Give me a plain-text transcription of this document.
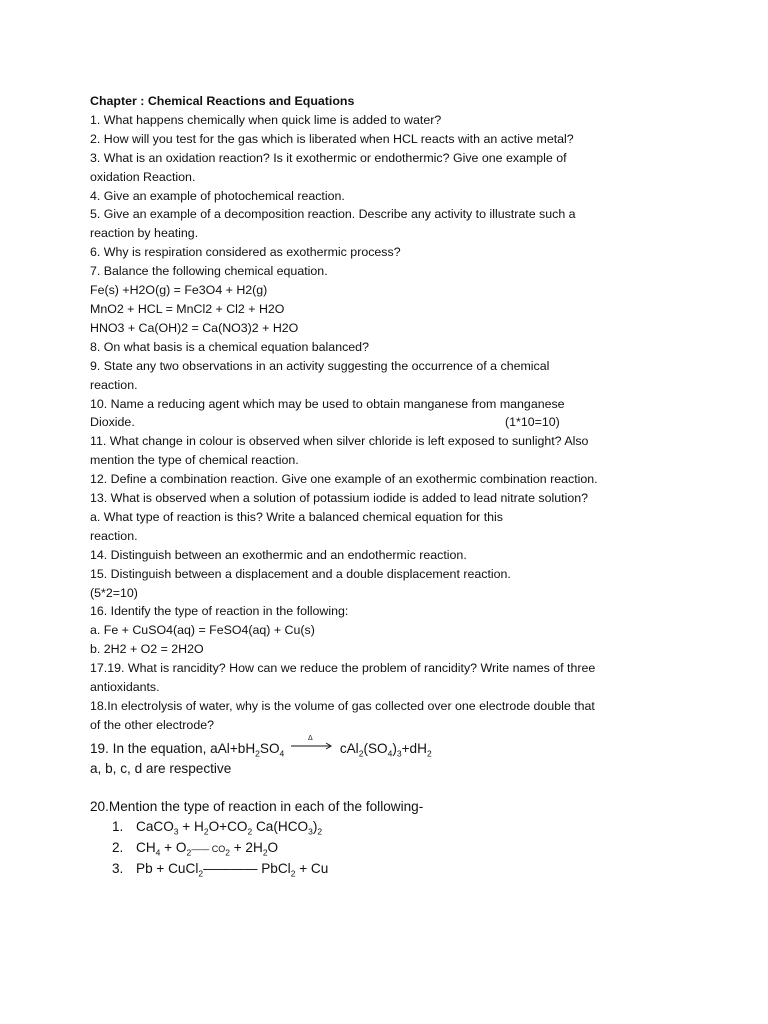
Chapter : Chemical Reactions and Equations
1. What happens chemically when quick lime is added to water?
2. How will you test for the gas which is liberated when HCL reacts with an active metal?
3. What is an oxidation reaction? Is it exothermic or endothermic? Give one example of
oxidation Reaction.
4. Give an example of photochemical reaction.
5. Give an example of a decomposition reaction. Describe any activity to illustrate such a
reaction by heating.
6. Why is respiration considered as exothermic process?
7. Balance the following chemical equation.
Fe(s) +H2O(g) = Fe3O4 + H2(g)
MnO2 + HCL = MnCl2 + Cl2 + H2O
HNO3 + Ca(OH)2 = Ca(NO3)2 + H2O
8. On what basis is a chemical equation balanced?
9. State any two observations in an activity suggesting the occurrence of a chemical
reaction.
10. Name a reducing agent which may be used to obtain manganese from manganese
Dioxide.	(1*10=10)
11. What change in colour is observed when silver chloride is left exposed to sunlight? Also
mention the type of chemical reaction.
12. Define a combination reaction. Give one example of an exothermic combination reaction.
13. What is observed when a solution of potassium iodide is added to lead nitrate solution?
a. What type of reaction is this? Write a balanced chemical equation for this
reaction.
14. Distinguish between an exothermic and an endothermic reaction.
15. Distinguish between a displacement and a double displacement reaction.
(5*2=10)
16. Identify the type of reaction in the following:
a. Fe + CuSO4(aq) = FeSO4(aq) + Cu(s)
b. 2H2 + O2 = 2H2O
17.19. What is rancidity? How can we reduce the problem of rancidity? Write names of three
antioxidants.
18.In electrolysis of water, why is the volume of gas collected over one electrode double that
of the other electrode?
19. In the equation, $aAl+bH_2SO_4$
Δ
$cAl_2(SO_4)_3+dH_2$
a, b, c, d are respective
20.Mention the type of reaction in each of the following-
1. CaCO$_3$ + $H_2O+CO_2$ $Ca(HCO_3)_2$
2. $CH_4$ + $O_2——$ $CO_2 + 2H_2O$
3. Pb + CuCl$_2$———— PbCl$_2$ + Cu
